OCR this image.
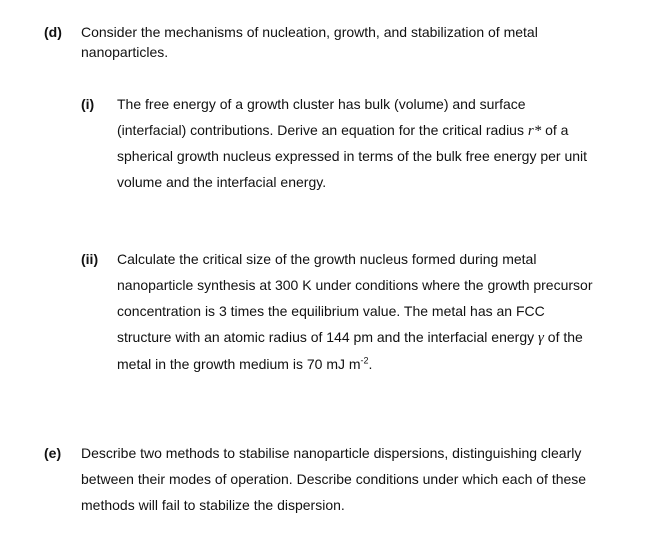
(d) Consider the mechanisms of nucleation, growth, and stabilization of metal
nanoparticles.
(i) The free energy of a growth cluster has bulk (volume) and surface
(interfacial) contributions. Derive an equation for the critical radius r* of a
spherical growth nucleus expressed in terms of the bulk free energy per unit
volume and the interfacial energy.
(ii) Calculate the critical size of the growth nucleus formed during metal
nanoparticle synthesis at 300 K under conditions where the growth precursor
concentration is 3 times the equilibrium value. The metal has an FCC
structure with an atomic radius of 144 pm and the interfacial energy γ of the
metal in the growth medium is 70 mJ $m^{-2}$.
(e) Describe two methods to stabilise nanoparticle dispersions, distinguishing clearly
between their modes of operation. Describe conditions under which each of these
methods will fail to stabilize the dispersion.
